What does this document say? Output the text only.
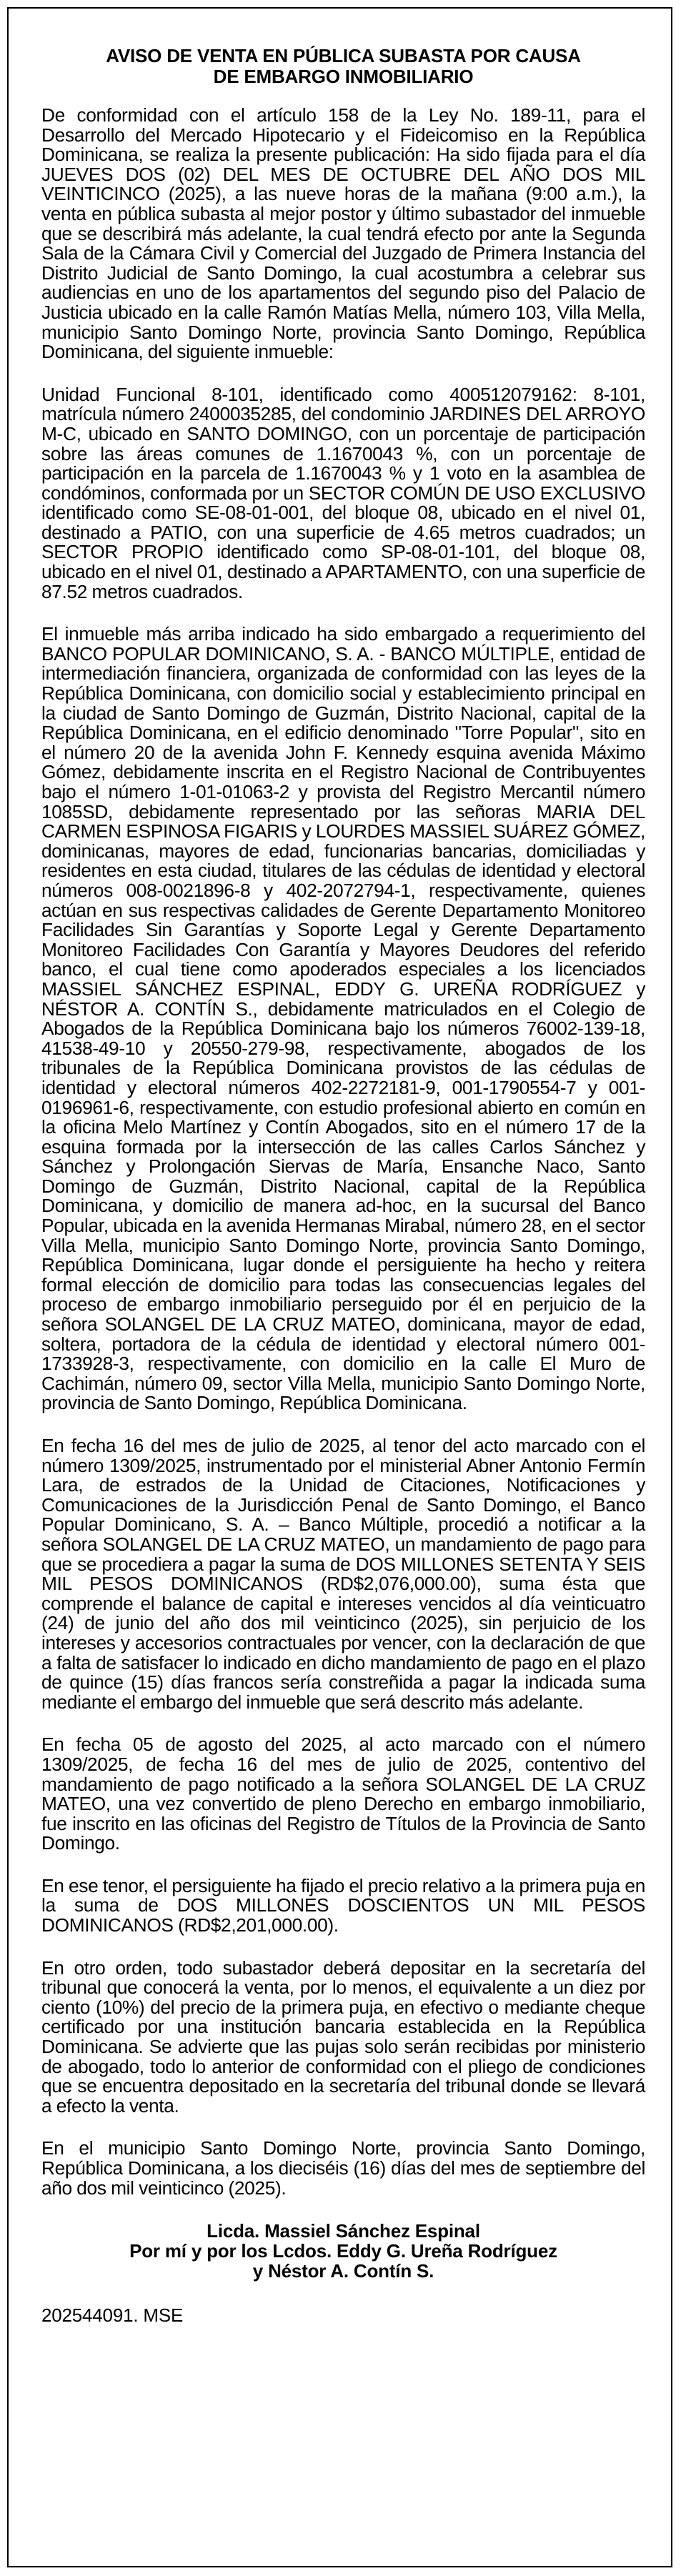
AVISO DE VENTA EN PÚBLICA SUBASTA POR CAUSA
DE EMBARGO INMOBILIARIO

De conformidad con el artículo 158 de la Ley No. 189-11, para el Desarrollo del Mercado Hipotecario y el Fideicomiso en la República Dominicana, se realiza la presente publicación: Ha sido fijada para el día JUEVES DOS (02) DEL MES DE OCTUBRE DEL AÑO DOS MIL VEINTICINCO (2025), a las nueve horas de la mañana (9:00 a.m.), la venta en pública subasta al mejor postor y último subastador del inmueble que se describirá más adelante, la cual tendrá efecto por ante la Segunda Sala de la Cámara Civil y Comercial del Juzgado de Primera Instancia del Distrito Judicial de Santo Domingo, la cual acostumbra a celebrar sus audiencias en uno de los apartamentos del segundo piso del Palacio de Justicia ubicado en la calle Ramón Matías Mella, número 103, Villa Mella, municipio Santo Domingo Norte, provincia Santo Domingo, República Dominicana, del siguiente inmueble:

Unidad Funcional 8-101, identificado como 400512079162: 8-101, matrícula número 2400035285, del condominio JARDINES DEL ARROYO M-C, ubicado en SANTO DOMINGO, con un porcentaje de participación sobre las áreas comunes de 1.1670043 %, con un porcentaje de participación en la parcela de 1.1670043 % y 1 voto en la asamblea de condóminos, conformada por un SECTOR COMÚN DE USO EXCLUSIVO identificado como SE-08-01-001, del bloque 08, ubicado en el nivel 01, destinado a PATIO, con una superficie de 4.65 metros cuadrados; un SECTOR PROPIO identificado como SP-08-01-101, del bloque 08, ubicado en el nivel 01, destinado a APARTAMENTO, con una superficie de 87.52 metros cuadrados.

El inmueble más arriba indicado ha sido embargado a requerimiento del BANCO POPULAR DOMINICANO, S. A. - BANCO MÚLTIPLE, entidad de intermediación financiera, organizada de conformidad con las leyes de la República Dominicana, con domicilio social y establecimiento principal en la ciudad de Santo Domingo de Guzmán, Distrito Nacional, capital de la República Dominicana, en el edificio denominado "Torre Popular", sito en el número 20 de la avenida John F. Kennedy esquina avenida Máximo Gómez, debidamente inscrita en el Registro Nacional de Contribuyentes bajo el número 1-01-01063-2 y provista del Registro Mercantil número 1085SD, debidamente representado por las señoras MARIA DEL CARMEN ESPINOSA FIGARIS y LOURDES MASSIEL SUÁREZ GÓMEZ, dominicanas, mayores de edad, funcionarias bancarias, domiciliadas y residentes en esta ciudad, titulares de las cédulas de identidad y electoral números 008-0021896-8 y 402-2072794-1, respectivamente, quienes actúan en sus respectivas calidades de Gerente Departamento Monitoreo Facilidades Sin Garantías y Soporte Legal y Gerente Departamento Monitoreo Facilidades Con Garantía y Mayores Deudores del referido banco, el cual tiene como apoderados especiales a los licenciados MASSIEL SÁNCHEZ ESPINAL, EDDY G. UREÑA RODRÍGUEZ y NÉSTOR A. CONTÍN S., debidamente matriculados en el Colegio de Abogados de la República Dominicana bajo los números 76002-139-18, 41538-49-10 y 20550-279-98, respectivamente, abogados de los tribunales de la República Dominicana provistos de las cédulas de identidad y electoral números 402-2272181-9, 001-1790554-7 y 001-0196961-6, respectivamente, con estudio profesional abierto en común en la oficina Melo Martínez y Contín Abogados, sito en el número 17 de la esquina formada por la intersección de las calles Carlos Sánchez y Sánchez y Prolongación Siervas de María, Ensanche Naco, Santo Domingo de Guzmán, Distrito Nacional, capital de la República Dominicana, y domicilio de manera ad-hoc, en la sucursal del Banco Popular, ubicada en la avenida Hermanas Mirabal, número 28, en el sector Villa Mella, municipio Santo Domingo Norte, provincia Santo Domingo, República Dominicana, lugar donde el persiguiente ha hecho y reitera formal elección de domicilio para todas las consecuencias legales del proceso de embargo inmobiliario perseguido por él en perjuicio de la señora SOLANGEL DE LA CRUZ MATEO, dominicana, mayor de edad, soltera, portadora de la cédula de identidad y electoral número 001-1733928-3, respectivamente, con domicilio en la calle El Muro de Cachimán, número 09, sector Villa Mella, municipio Santo Domingo Norte, provincia de Santo Domingo, República Dominicana.

En fecha 16 del mes de julio de 2025, al tenor del acto marcado con el número 1309/2025, instrumentado por el ministerial Abner Antonio Fermín Lara, de estrados de la Unidad de Citaciones, Notificaciones y Comunicaciones de la Jurisdicción Penal de Santo Domingo, el Banco Popular Dominicano, S. A. – Banco Múltiple, procedió a notificar a la señora SOLANGEL DE LA CRUZ MATEO, un mandamiento de pago para que se procediera a pagar la suma de DOS MILLONES SETENTA Y SEIS MIL PESOS DOMINICANOS (RD$2,076,000.00), suma ésta que comprende el balance de capital e intereses vencidos al día veinticuatro (24) de junio del año dos mil veinticinco (2025), sin perjuicio de los intereses y accesorios contractuales por vencer, con la declaración de que a falta de satisfacer lo indicado en dicho mandamiento de pago en el plazo de quince (15) días francos sería constreñida a pagar la indicada suma mediante el embargo del inmueble que será descrito más adelante.

En fecha 05 de agosto del 2025, al acto marcado con el número 1309/2025, de fecha 16 del mes de julio de 2025, contentivo del mandamiento de pago notificado a la señora SOLANGEL DE LA CRUZ MATEO, una vez convertido de pleno Derecho en embargo inmobiliario, fue inscrito en las oficinas del Registro de Títulos de la Provincia de Santo Domingo.

En ese tenor, el persiguiente ha fijado el precio relativo a la primera puja en la suma de DOS MILLONES DOSCIENTOS UN MIL PESOS DOMINICANOS (RD$2,201,000.00).

En otro orden, todo subastador deberá depositar en la secretaría del tribunal que conocerá la venta, por lo menos, el equivalente a un diez por ciento (10%) del precio de la primera puja, en efectivo o mediante cheque certificado por una institución bancaria establecida en la República Dominicana. Se advierte que las pujas solo serán recibidas por ministerio de abogado, todo lo anterior de conformidad con el pliego de condiciones que se encuentra depositado en la secretaría del tribunal donde se llevará a efecto la venta.

En el municipio Santo Domingo Norte, provincia Santo Domingo, República Dominicana, a los dieciséis (16) días del mes de septiembre del año dos mil veinticinco (2025).

Licda. Massiel Sánchez Espinal
Por mí y por los Lcdos. Eddy G. Ureña Rodríguez
y Néstor A. Contín S.

202544091. MSE
